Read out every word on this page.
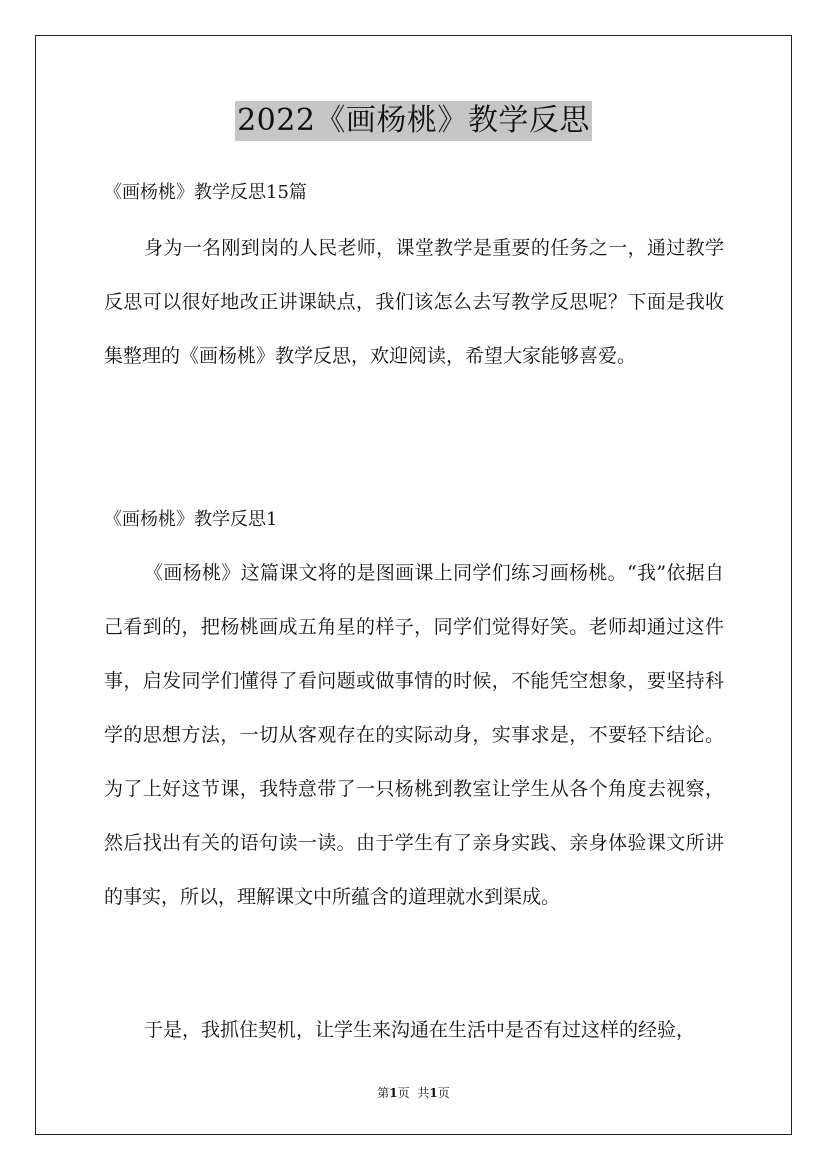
2022《画杨桃》教学反思
《画杨桃》教学反思15篇

身为一名刚到岗的人民老师，课堂教学是重要的任务之一，通过教学反思可以很好地改正讲课缺点，我们该怎么去写教学反思呢？下面是我收集整理的《画杨桃》教学反思，欢迎阅读，希望大家能够喜爱。

《画杨桃》教学反思1

《画杨桃》这篇课文将的是图画课上同学们练习画杨桃。“我”依据自己看到的，把杨桃画成五角星的样子，同学们觉得好笑。老师却通过这件事，启发同学们懂得了看问题或做事情的时候，不能凭空想象，要坚持科学的思想方法，一切从客观存在的实际动身，实事求是，不要轻下结论。为了上好这节课，我特意带了一只杨桃到教室让学生从各个角度去视察，然后找出有关的语句读一读。由于学生有了亲身实践、亲身体验课文所讲的事实，所以，理解课文中所蕴含的道理就水到渠成。

于是，我抓住契机，让学生来沟通在生活中是否有过这样的经验，

第1页 共1页
